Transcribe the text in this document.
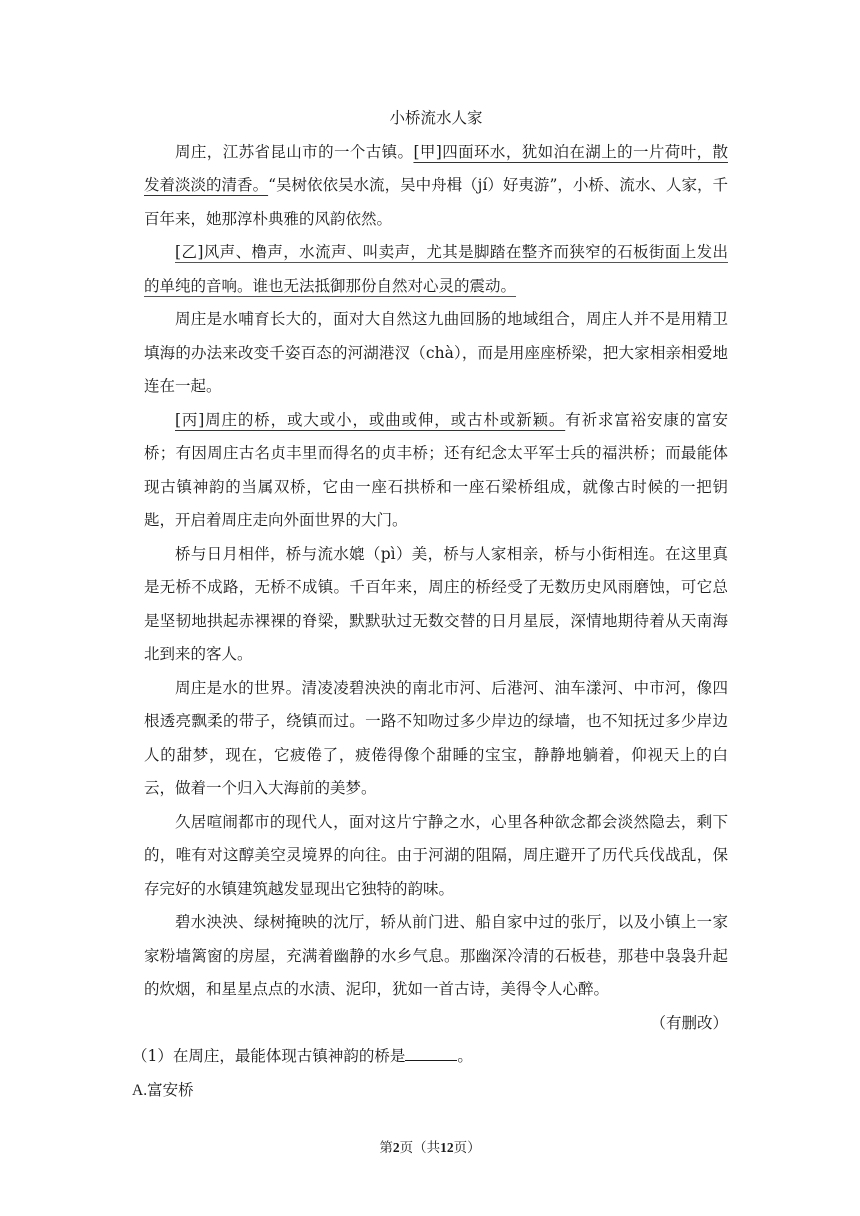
小桥流水人家

周庄，江苏省昆山市的一个古镇。[甲]四面环水，犹如泊在湖上的一片荷叶，散发着淡淡的清香。“吴树依依吴水流，吴中舟楫（jí）好夷游”，小桥、流水、人家，千百年来，她那淳朴典雅的风韵依然。

[乙]风声、橹声，水流声、叫卖声，尤其是脚踏在整齐而狭窄的石板街面上发出的单纯的音响。谁也无法抵御那份自然对心灵的震动。

周庄是水哺育长大的，面对大自然这九曲回肠的地域组合，周庄人并不是用精卫填海的办法来改变千姿百态的河湖港汊（chà），而是用座座桥梁，把大家相亲相爱地连在一起。

[丙]周庄的桥，或大或小，或曲或伸，或古朴或新颖。有祈求富裕安康的富安桥；有因周庄古名贞丰里而得名的贞丰桥；还有纪念太平军士兵的福洪桥；而最能体现古镇神韵的当属双桥，它由一座石拱桥和一座石梁桥组成，就像古时候的一把钥匙，开启着周庄走向外面世界的大门。

桥与日月相伴，桥与流水媲（pì）美，桥与人家相亲，桥与小街相连。在这里真是无桥不成路，无桥不成镇。千百年来，周庄的桥经受了无数历史风雨磨蚀，可它总是坚韧地拱起赤裸裸的脊梁，默默驮过无数交替的日月星辰，深情地期待着从天南海北到来的客人。

周庄是水的世界。清凌凌碧泱泱的南北市河、后港河、油车漾河、中市河，像四根透亮飘柔的带子，绕镇而过。一路不知吻过多少岸边的绿墙，也不知抚过多少岸边人的甜梦，现在，它疲倦了，疲倦得像个甜睡的宝宝，静静地躺着，仰视天上的白云，做着一个归入大海前的美梦。

久居喧闹都市的现代人，面对这片宁静之水，心里各种欲念都会淡然隐去，剩下的，唯有对这醇美空灵境界的向往。由于河湖的阻隔，周庄避开了历代兵伐战乱，保存完好的水镇建筑越发显现出它独特的韵味。

碧水泱泱、绿树掩映的沈厅，轿从前门进、船自家中过的张厅，以及小镇上一家家粉墙篱窗的房屋，充满着幽静的水乡气息。那幽深冷清的石板巷，那巷中袅袅升起的炊烟，和星星点点的水渍、泥印，犹如一首古诗，美得令人心醉。

（有删改）

（1）在周庄，最能体现古镇神韵的桥是	。

A.富安桥

第2页（共12页）
